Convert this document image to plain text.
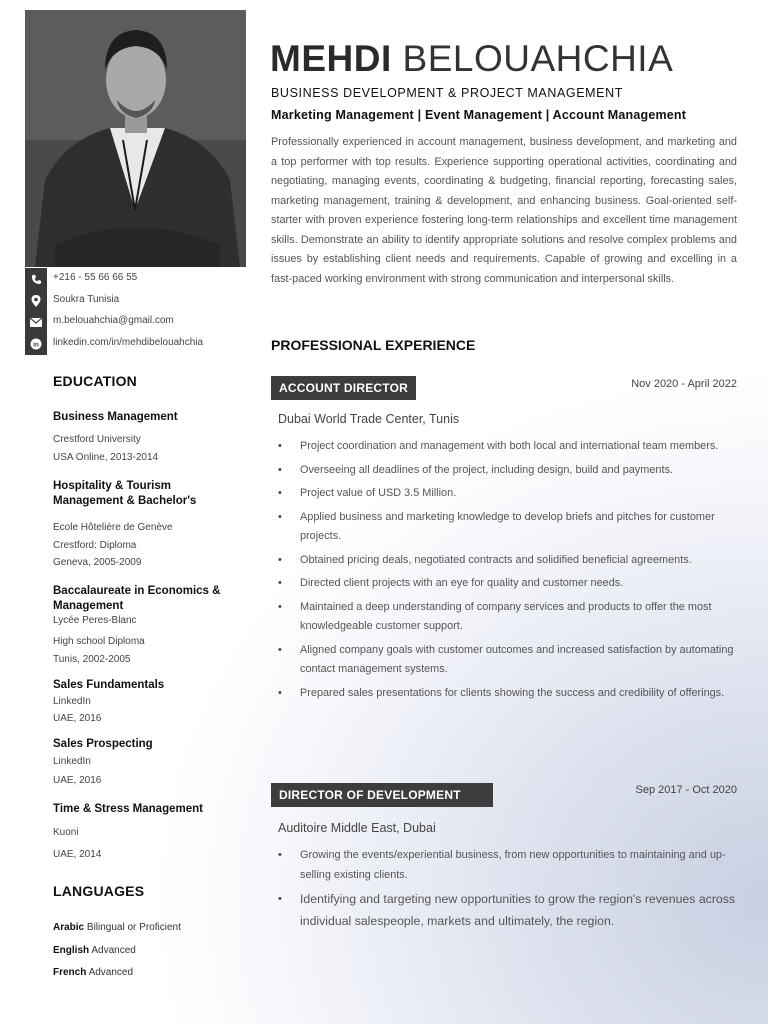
+216 - 55 66 66 55
Soukra Tunisia
m.belouahchia@gmail.com
in linkedin.com/in/mehdibelouahchia
EDUCATION
Business Management
Crestford University
USA Online, 2013-2014
Hospitality & Tourism Management & Bachelor's
Ecole Hôtelière de Genève
Crestford: Diploma
Geneva, 2005-2009
Baccalaureate in Economics & Management
Lycée Peres-Blanc
High school Diploma
Tunis, 2002-2005
Sales Fundamentals
LinkedIn
UAE, 2016
Sales Prospecting
LinkedIn
UAE, 2016
Time & Stress Management
Kuoni
UAE, 2014
LANGUAGES
Arabic Bilingual or Proficient
English Advanced
French Advanced
MEHDI BELOUAHCHIA
BUSINESS DEVELOPMENT & PROJECT MANAGEMENT
Marketing Management | Event Management | Account Management
Professionally experienced in account management, business development, and marketing and a top performer with top results. Experience supporting operational activities, coordinating and negotiating, managing events, coordinating & budgeting, financial reporting, forecasting sales, marketing management, training & development, and enhancing business. Goal-oriented self-starter with proven experience fostering long-term relationships and excellent time management skills. Demonstrate an ability to identify appropriate solutions and resolve complex problems and issues by establishing client needs and requirements. Capable of growing and excelling in a fast-paced working environment with strong communication and interpersonal skills.
PROFESSIONAL EXPERIENCE
ACCOUNT DIRECTOR	Nov 2020 - April 2022
Dubai World Trade Center, Tunis
• Project coordination and management with both local and international team members.
• Overseeing all deadlines of the project, including design, build and payments.
• Project value of USD 3.5 Million.
• Applied business and marketing knowledge to develop briefs and pitches for customer projects.
• Obtained pricing deals, negotiated contracts and solidified beneficial agreements.
• Directed client projects with an eye for quality and customer needs.
• Maintained a deep understanding of company services and products to offer the most knowledgeable customer support.
• Aligned company goals with customer outcomes and increased satisfaction by automating contact management systems.
• Prepared sales presentations for clients showing the success and credibility of offerings.
DIRECTOR OF DEVELOPMENT	Sep 2017 - Oct 2020
Auditoire Middle East, Dubai
• Growing the events/experiential business, from new opportunities to maintaining and up-selling existing clients.
• Identifying and targeting new opportunities to grow the region's revenues across individual salespeople, markets and ultimately, the region.
